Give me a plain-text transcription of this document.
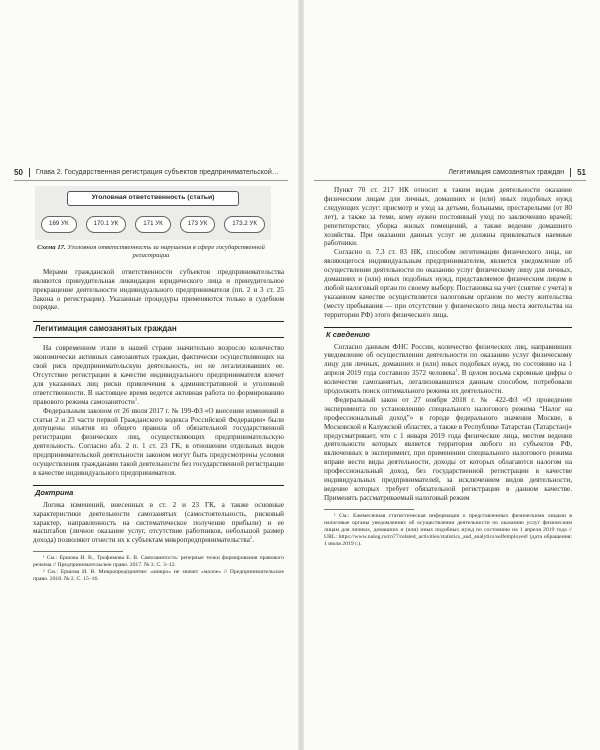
50 Глава 2. Государственная регистрация субъектов предпринимательской…
Уголовная ответственность (статьи)
169 УК	170.1 УК	171 УК	173 УК	173.2 УК
Схема 17. Уголовная ответственность за нарушения в сфере государственной регистрации

Мерами гражданской ответственности субъектов предпринимательства являются принудительная ликвидация юридического лица и принудительное прекращение деятельности индивидуального предпринимателя (пп. 2 и 3 ст. 25 Закона о регистрации). Указанные процедуры применяются только в судебном порядке.

Легитимация самозанятых граждан

На современном этапе в нашей стране значительно возросло количество экономически активных самозанятых граждан, фактически осуществляющих на свой риск предпринимательскую деятельность, но не легализовавших ее. Отсутствие регистрации в качестве индивидуального предпринимателя влечет для указанных лиц риски привлечения к административной и уголовной ответственности. В настоящее время ведется активная работа по формированию правового режима самозанятости$^1$.

Федеральным законом от 26 июля 2017 г. № 199-ФЗ «О внесении изменений в статьи 2 и 23 части первой Гражданского кодекса Российской Федерации» были допущены изъятия из общего правила об обязательной государственной регистрации физических лиц, осуществляющих предпринимательскую деятельность. Согласно абз. 2 п. 1 ст. 23 ГК, в отношении отдельных видов предпринимательской деятельности законом могут быть предусмотрены условия осуществления гражданами такой деятельности без государственной регистрации в качестве индивидуального предпринимателя.

Доктрина

Логика изменений, внесенных в ст. 2 и 23 ГК, а также основные характеристики деятельности самозанятых (самостоятельность, рисковый характер, направленность на систематическое получение прибыли) и ее масштабов (личное оказание услуг, отсутствие работников, небольшой размер дохода) позволяют отнести их к субъектам микропредпринимательства$^2$.

¹ См.: Ершова И. В., Трофимова Е. В. Самозанятость: реперные точки формирования правового режима // Предпринимательское право. 2017. № 3. С. 3–12.

² См.: Ершова И. В. Микропредприятие: «микро» не значит «малое» // Предпринимательское право. 2018. № 2. С. 15–16.

Легитимация самозанятых граждан 51

Пункт 70 ст. 217 НК относит к таким видам деятельности оказание физическим лицам для личных, домашних и (или) иных подобных нужд следующих услуг: присмотр и уход за детьми, больными, престарелыми (от 80 лет), а также за теми, кому нужен постоянный уход по заключению врачей; репетиторство; уборка жилых помещений, а также ведение домашнего хозяйства. При оказании данных услуг не должны привлекаться наемные работники.

Согласно п. 7.3 ст. 83 НК, способом легитимации физического лица, не являющегося индивидуальным предпринимателем, является уведомление об осуществлении деятельности по оказанию услуг физическому лицу для личных, домашних и (или) иных подобных нужд, представляемое физическим лицом в любой налоговый орган по своему выбору. Постановка на учет (снятие с учета) в указанном качестве осуществляется налоговым органом по месту жительства (месту пребывания — при отсутствии у физического лица места жительства на территории РФ) этого физического лица.

К сведению

Согласно данным ФНС России, количество физических лиц, направивших уведомление об осуществлении деятельности по оказанию услуг физическому лицу для личных, домашних и (или) иных подобных нужд, по состоянию на 1 апреля 2019 года составило 3572 человека$^1$. В целом восьма скромные цифры о количестве самозанятых, легализовавшихся данным способом, потребовали продолжить поиск оптимального режима их деятельности.

Федеральный закон от 27 ноября 2018 г. № 422-ФЗ «О проведении эксперимента по установлению специального налогового режима “Налог на профессиональный доход”» в городе федерального значения Москве, в Московской и Калужской областях, а также в Республике Татарстан (Татарстан)» предусматривает, что с 1 января 2019 года физические лица, местом ведения деятельности которых является территория любого из субъектов РФ, включенных в эксперимент, при применении специального налогового режима вправе вести виды деятельности, доходы от которых облагаются налогом на профессиональный доход, без государственной регистрации в качестве индивидуальных предпринимателей, за исключением видов деятельности, ведение которых требует обязательной регистрации в данном качестве. Применять рассматриваемый налоговый режим

¹ См.: Ежемесячная статистическая информация о представленных физическими лицами в налоговые органы уведомлениях об осуществлении деятельности по оказанию услуг физическим лицам для личных, домашних и (или) иных подобных нужд по состоянию на 1 апреля 2019 года // URL: https://www.nalog.ru/rn77/related_activities/statistics_and_analytics/selfemployed/ (дата обращения: 1 июля 2019 г.).
